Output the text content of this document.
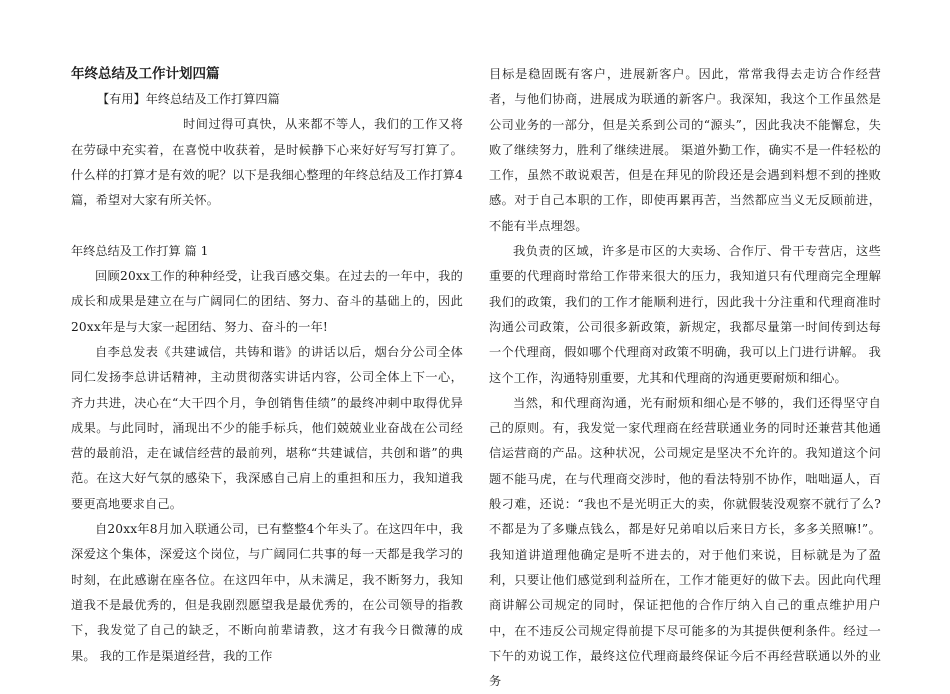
年终总结及工作计划四篇

【有用】年终总结及工作打算四篇

时间过得可真快，从来都不等人，我们的工作又将在劳碌中充实着，在喜悦中收获着，是时候静下心来好好写写打算了。什么样的打算才是有效的呢？以下是我细心整理的年终总结及工作打算4篇，希望对大家有所关怀。

年终总结及工作打算 篇 1

回顾20xx工作的种种经受，让我百感交集。在过去的一年中，我的成长和成果是建立在与广阔同仁的团结、努力、奋斗的基础上的，因此20xx年是与大家一起团结、努力、奋斗的一年!

自李总发表《共建诚信，共铸和谐》的讲话以后，烟台分公司全体同仁发扬李总讲话精神，主动贯彻落实讲话内容，公司全体上下一心，齐力共进，决心在“大干四个月，争创销售佳绩”的最终冲刺中取得优异成果。与此同时，涌现出不少的能手标兵，他们兢兢业业奋战在公司经营的最前沿，走在诚信经营的最前列，堪称“共建诚信，共创和谐”的典范。在这大好气氛的感染下，我深感自己肩上的重担和压力，我知道我要更高地要求自己。

自20xx年8月加入联通公司，已有整整4个年头了。在这四年中，我深爱这个集体，深爱这个岗位，与广阔同仁共事的每一天都是我学习的时刻，在此感谢在座各位。在这四年中，从未满足，我不断努力，我知道我不是最优秀的，但是我剧烈愿望我是最优秀的，在公司领导的指教下，我发觉了自己的缺乏，不断向前辈请教，这才有我今日微薄的成果。 我的工作是渠道经营，我的工作

目标是稳固既有客户，进展新客户。因此，常常我得去走访合作经营者，与他们协商，进展成为联通的新客户。我深知，我这个工作虽然是公司业务的一部分，但是关系到公司的“源头”，因此我决不能懈怠，失败了继续努力，胜利了继续进展。 渠道外勤工作，确实不是一件轻松的工作，虽然不敢说艰苦，但是在拜见的阶段还是会遇到料想不到的挫败感。对于自己本职的工作，即使再累再苦，当然都应当义无反顾前进，不能有半点埋怨。

我负责的区域，许多是市区的大卖场、合作厅、骨干专营店，这些重要的代理商时常给工作带来很大的压力，我知道只有代理商完全理解我们的政策，我们的工作才能顺利进行，因此我十分注重和代理商准时沟通公司政策，公司很多新政策，新规定，我都尽量第一时间传到达每一个代理商，假如哪个代理商对政策不明确，我可以上门进行讲解。 我这个工作，沟通特别重要，尤其和代理商的沟通更要耐烦和细心。

当然，和代理商沟通，光有耐烦和细心是不够的，我们还得坚守自己的原则。有，我发觉一家代理商在经营联通业务的同时还兼营其他通信运营商的产品。这种状况，公司规定是坚决不允许的。我知道这个问题不能马虎，在与代理商交涉时，他的看法特别不协作，咄咄逼人，百般刁难，还说：“我也不是光明正大的卖，你就假装没观察不就行了么?不都是为了多赚点钱么，都是好兄弟咱以后来日方长，多多关照嘛!”。我知道讲道理他确定是听不进去的，对于他们来说，目标就是为了盈利，只要让他们感觉到利益所在，工作才能更好的做下去。因此向代理商讲解公司规定的同时，保证把他的合作厅纳入自己的重点维护用户中，在不违反公司规定得前提下尽可能多的为其提供便利条件。经过一下午的劝说工作，最终这位代理商最终保证今后不再经营联通以外的业务
